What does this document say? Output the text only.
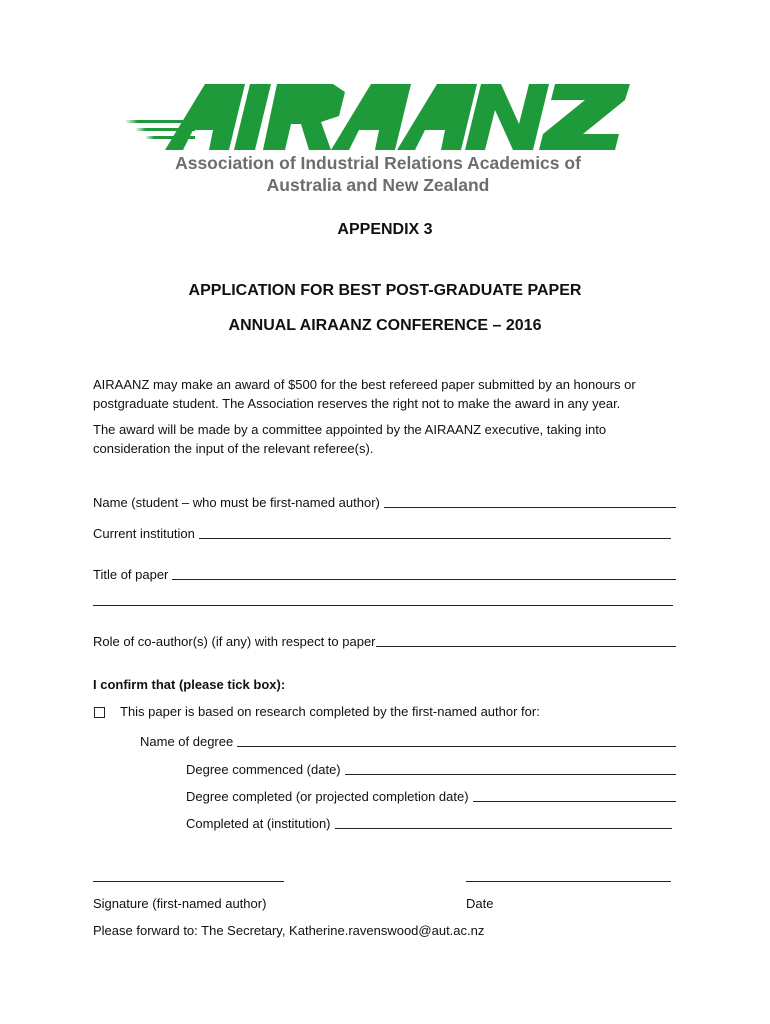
Association of Industrial Relations Academics of
Australia and New Zealand
APPENDIX 3
APPLICATION FOR BEST POST-GRADUATE PAPER
ANNUAL AIRAANZ CONFERENCE – 2016
AIRAANZ may make an award of $500 for the best refereed paper submitted by an honours or postgraduate student. The Association reserves the right not to make the award in any year.
The award will be made by a committee appointed by the AIRAANZ executive, taking into consideration the input of the relevant referee(s).
Name (student – who must be first-named author)
Current institution
Title of paper
Role of co-author(s) (if any) with respect to paper
I confirm that (please tick box):
This paper is based on research completed by the first-named author for:
Name of degree
Degree commenced (date)
Degree completed (or projected completion date)
Completed at (institution)
Signature (first-named author)	Date
Please forward to: The Secretary, Katherine.ravenswood@aut.ac.nz
